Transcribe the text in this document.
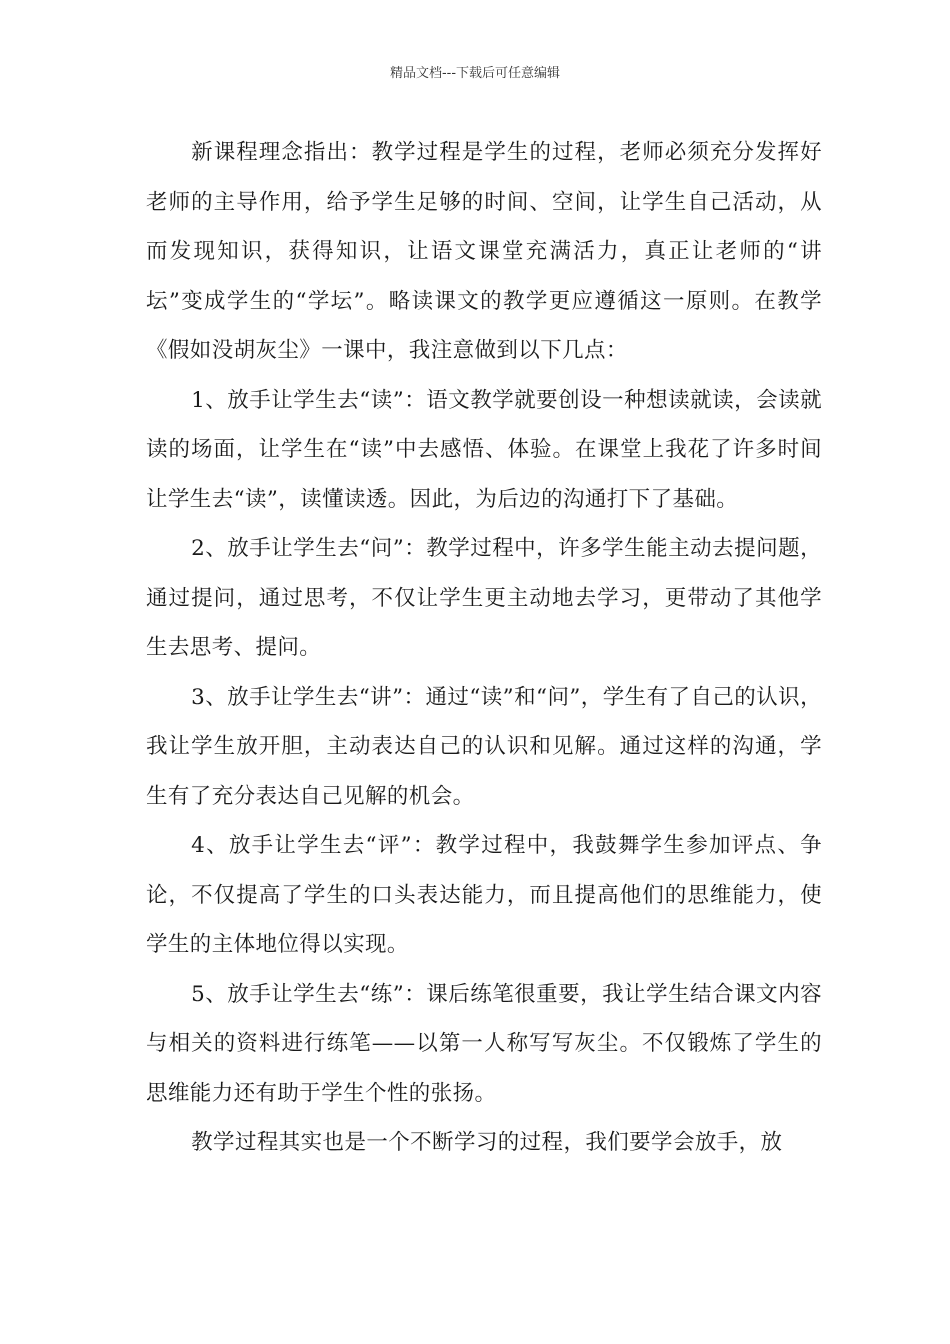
精品文档---下载后可任意编辑

新课程理念指出：教学过程是学生的过程，老师必须充分发挥好老师的主导作用，给予学生足够的时间、空间，让学生自己活动，从而发现知识，获得知识，让语文课堂充满活力，真正让老师的“讲坛”变成学生的“学坛”。略读课文的教学更应遵循这一原则。在教学《假如没胡灰尘》一课中，我注意做到以下几点：

1、放手让学生去“读”：语文教学就要创设一种想读就读，会读就读的场面，让学生在“读”中去感悟、体验。在课堂上我花了许多时间让学生去“读”，读懂读透。因此，为后边的沟通打下了基础。

2、放手让学生去“问”：教学过程中，许多学生能主动去提问题，通过提问，通过思考，不仅让学生更主动地去学习，更带动了其他学生去思考、提问。

3、放手让学生去“讲”：通过“读”和“问”，学生有了自己的认识，我让学生放开胆，主动表达自己的认识和见解。通过这样的沟通，学生有了充分表达自己见解的机会。

4、放手让学生去“评”：教学过程中，我鼓舞学生参加评点、争论，不仅提高了学生的口头表达能力，而且提高他们的思维能力，使学生的主体地位得以实现。

5、放手让学生去“练”：课后练笔很重要，我让学生结合课文内容与相关的资料进行练笔——以第一人称写写灰尘。不仅锻炼了学生的思维能力还有助于学生个性的张扬。

教学过程其实也是一个不断学习的过程，我们要学会放手，放
